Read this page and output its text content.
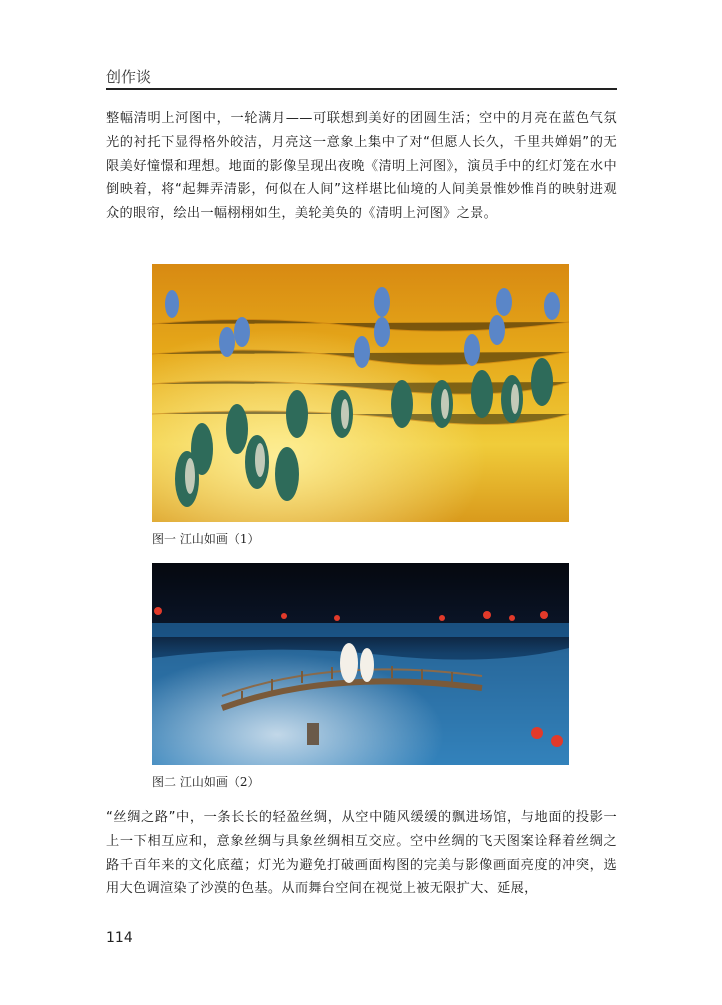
创作谈

整幅清明上河图中，一轮满月——可联想到美好的团圆生活；空中的月亮在蓝色气氛光的衬托下显得格外皎洁，月亮这一意象上集中了对“但愿人长久，千里共婵娟”的无限美好憧憬和理想。地面的影像呈现出夜晚《清明上河图》，演员手中的红灯笼在水中倒映着，将“起舞弄清影，何似在人间”这样堪比仙境的人间美景惟妙惟肖的映射进观众的眼帘，绘出一幅栩栩如生，美轮美奂的《清明上河图》之景。

图一 江山如画（1）
图二 江山如画（2）

“丝绸之路”中，一条长长的轻盈丝绸，从空中随风缓缓的飘进场馆，与地面的投影一上一下相互应和，意象丝绸与具象丝绸相互交应。空中丝绸的飞天图案诠释着丝绸之路千百年来的文化底蕴；灯光为避免打破画面构图的完美与影像画面亮度的冲突，选用大色调渲染了沙漠的色基。从而舞台空间在视觉上被无限扩大、延展，

114
